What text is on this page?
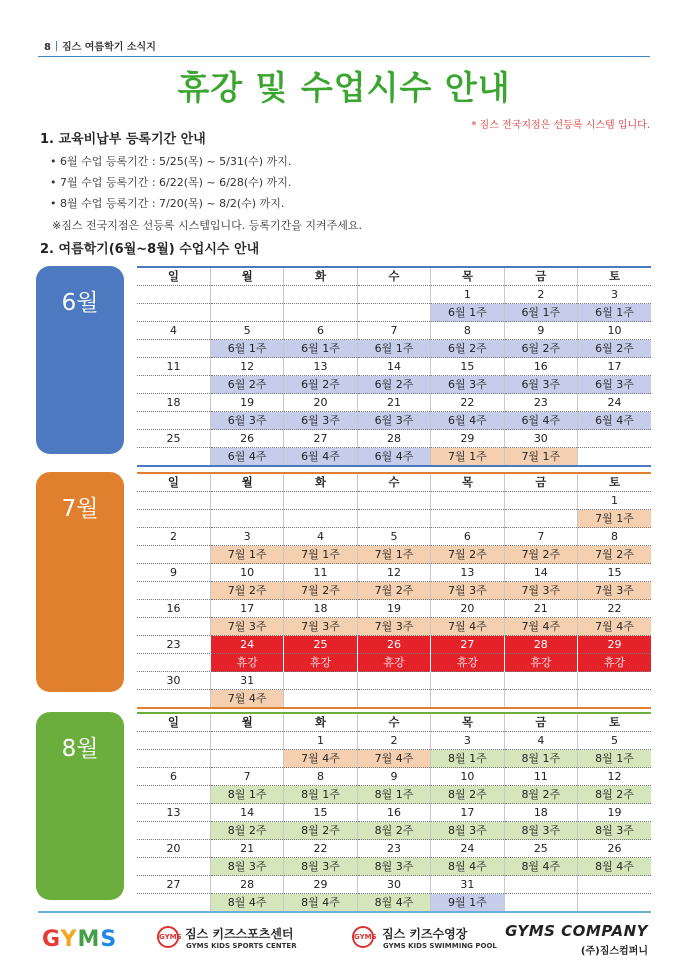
8 짐스 여름학기 소식지
휴강 및 수업시수 안내
* 짐스 전국지점은 선등록 시스템 입니다.
1. 교육비납부 등록기간 안내
• 6월 수업 등록기간 : 5/25(목) ~ 5/31(수) 까지.
• 7월 수업 등록기간 : 6/22(목) ~ 6/28(수) 까지.
• 8월 수업 등록기간 : 7/20(목) ~ 8/2(수) 까지.
※짐스 전국지점은 선등록 시스템입니다. 등록기간을 지켜주세요.
2. 여름학기(6월~8월) 수업시수 안내
6월
일	월	화	수	목	금	토
				1	2	3
				6월 1주	6월 1주	6월 1주
4	5	6	7	8	9	10
	6월 1주	6월 1주	6월 1주	6월 2주	6월 2주	6월 2주
11	12	13	14	15	16	17
	6월 2주	6월 2주	6월 2주	6월 3주	6월 3주	6월 3주
18	19	20	21	22	23	24
	6월 3주	6월 3주	6월 3주	6월 4주	6월 4주	6월 4주
25	26	27	28	29	30	
	6월 4주	6월 4주	6월 4주	7월 1주	7월 1주	
7월
일	월	화	수	목	금	토
						1
						7월 1주
2	3	4	5	6	7	8
	7월 1주	7월 1주	7월 1주	7월 2주	7월 2주	7월 2주
9	10	11	12	13	14	15
	7월 2주	7월 2주	7월 2주	7월 3주	7월 3주	7월 3주
16	17	18	19	20	21	22
	7월 3주	7월 3주	7월 3주	7월 4주	7월 4주	7월 4주
23	24	25	26	27	28	29
	휴강	휴강	휴강	휴강	휴강	휴강
30	31					
	7월 4주					
8월
일	월	화	수	목	금	토
		1	2	3	4	5
		7월 4주	7월 4주	8월 1주	8월 1주	8월 1주
6	7	8	9	10	11	12
	8월 1주	8월 1주	8월 1주	8월 2주	8월 2주	8월 2주
13	14	15	16	17	18	19
	8월 2주	8월 2주	8월 2주	8월 3주	8월 3주	8월 3주
20	21	22	23	24	25	26
	8월 3주	8월 3주	8월 3주	8월 4주	8월 4주	8월 4주
27	28	29	30	31		
	8월 4주	8월 4주	8월 4주	9월 1주		
GYMS	GYMS 짐스 키즈스포츠센터
GYMS KIDS SPORTS CENTER
GYMS 짐스 키즈수영장
GYMS KIDS SWIMMING POOL
GYMS COMPANY
(주)짐스컴퍼니
